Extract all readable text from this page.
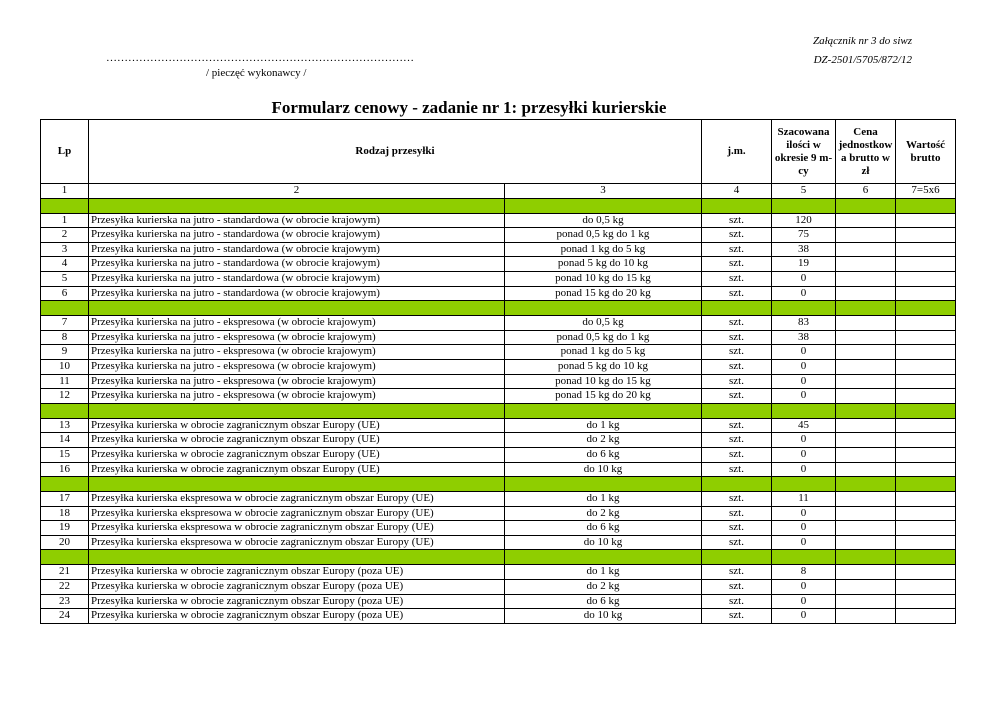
Załącznik nr 3 do siwz
DZ-2501/5705/872/12
…………………………………………………………………………
/ pieczęć wykonawcy /
Formularz cenowy - zadanie nr 1: przesyłki kurierskie
Lp	Rodzaj przesyłki		j.m.	Szacowana ilości w okresie 9 m-cy	Cena jednostkow a brutto w zł	Wartość brutto
1	2	3	4	5	6	7=5x6

1	Przesyłka kurierska na jutro - standardowa (w obrocie krajowym)	do 0,5 kg	szt.	120		
2	Przesyłka kurierska na jutro - standardowa (w obrocie krajowym)	ponad 0,5 kg do 1 kg	szt.	75		
3	Przesyłka kurierska na jutro - standardowa (w obrocie krajowym)	ponad 1 kg do 5 kg	szt.	38		
4	Przesyłka kurierska na jutro - standardowa (w obrocie krajowym)	ponad 5 kg do 10 kg	szt.	19		
5	Przesyłka kurierska na jutro - standardowa (w obrocie krajowym)	ponad 10 kg do 15 kg	szt.	0		
6	Przesyłka kurierska na jutro - standardowa (w obrocie krajowym)	ponad 15 kg do 20 kg	szt.	0		

7	Przesyłka kurierska na jutro - ekspresowa (w obrocie krajowym)	do 0,5 kg	szt.	83		
8	Przesyłka kurierska na jutro - ekspresowa (w obrocie krajowym)	ponad 0,5 kg do 1 kg	szt.	38		
9	Przesyłka kurierska na jutro - ekspresowa (w obrocie krajowym)	ponad 1 kg do 5 kg	szt.	0		
10	Przesyłka kurierska na jutro - ekspresowa (w obrocie krajowym)	ponad 5 kg do 10 kg	szt.	0		
11	Przesyłka kurierska na jutro - ekspresowa (w obrocie krajowym)	ponad 10 kg do 15 kg	szt.	0		
12	Przesyłka kurierska na jutro - ekspresowa (w obrocie krajowym)	ponad 15 kg do 20 kg	szt.	0		

13	Przesyłka kurierska w obrocie zagranicznym obszar Europy (UE)	do 1 kg	szt.	45		
14	Przesyłka kurierska w obrocie zagranicznym obszar Europy (UE)	do 2 kg	szt.	0		
15	Przesyłka kurierska w obrocie zagranicznym obszar Europy (UE)	do 6 kg	szt.	0		
16	Przesyłka kurierska w obrocie zagranicznym obszar Europy (UE)	do 10 kg	szt.	0		

17	Przesyłka kurierska ekspresowa w obrocie zagranicznym obszar Europy (UE)	do 1 kg	szt.	11		
18	Przesyłka kurierska ekspresowa w obrocie zagranicznym obszar Europy (UE)	do 2 kg	szt.	0		
19	Przesyłka kurierska ekspresowa w obrocie zagranicznym obszar Europy (UE)	do 6 kg	szt.	0		
20	Przesyłka kurierska ekspresowa w obrocie zagranicznym obszar Europy (UE)	do 10 kg	szt.	0		

21	Przesyłka kurierska w obrocie zagranicznym obszar Europy (poza UE)	do 1 kg	szt.	8		
22	Przesyłka kurierska w obrocie zagranicznym obszar Europy (poza UE)	do 2 kg	szt.	0		
23	Przesyłka kurierska w obrocie zagranicznym obszar Europy (poza UE)	do 6 kg	szt.	0		
24	Przesyłka kurierska w obrocie zagranicznym obszar Europy (poza UE)	do 10 kg	szt.	0		
